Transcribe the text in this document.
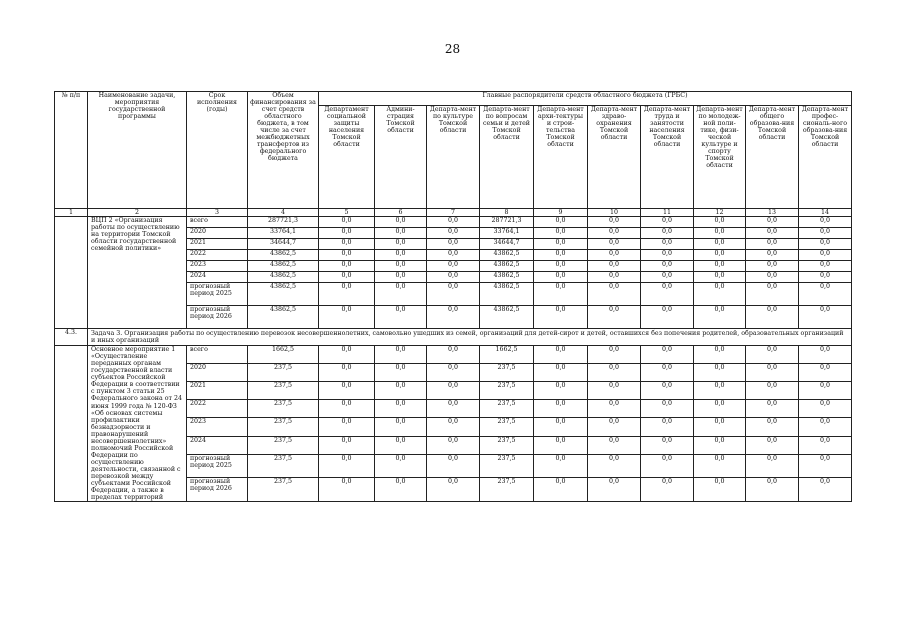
28
№ п/п	Наименование задачи, мероприятия государственной программы	Срок исполнения (годы)	Объем финансирования за счет средств областного бюджета, в том числе за счет межбюджетных трансфертов из федерального бюджета	Главные распорядители средств областного бюджета (ГРБС)									
				Департамент социальной защиты населения Томской области	Админи-страция Томской области	Департа-мент по культуре Томской области	Департа-мент по вопросам семьи и детей Томской области	Департа-мент архи-тектуры и строи-тельства Томской области	Департа-мент здраво-охранения Томской области	Департа-мент труда и занятости населения Томской области	Департа-мент по молодеж-ной поли-тике, физи-ческой культуре и спорту Томской области	Департа-мент общего образова-ния Томской области	Департа-мент профес-сиональ-ного образова-ния Томской области
1	2	3	4	5	6	7	8	9	10	11	12	13	14
	ВЦП 2 «Организация работы по осуществлению на территории Томской области государственной семейной политики»	всего	287721,3	0,0	0,0	0,0	287721,3	0,0	0,0	0,0	0,0	0,0	0,0
		2020	33764,1	0,0	0,0	0,0	33764,1	0,0	0,0	0,0	0,0	0,0	0,0
		2021	34644,7	0,0	0,0	0,0	34644,7	0,0	0,0	0,0	0,0	0,0	0,0
		2022	43862,5	0,0	0,0	0,0	43862,5	0,0	0,0	0,0	0,0	0,0	0,0
		2023	43862,5	0,0	0,0	0,0	43862,5	0,0	0,0	0,0	0,0	0,0	0,0
		2024	43862,5	0,0	0,0	0,0	43862,5	0,0	0,0	0,0	0,0	0,0	0,0
		прогнозный период 2025	43862,5	0,0	0,0	0,0	43862,5	0,0	0,0	0,0	0,0	0,0	0,0
		прогнозный период 2026	43862,5	0,0	0,0	0,0	43862,5	0,0	0,0	0,0	0,0	0,0	0,0
4.3.	Задача 3. Организация работы по осуществлению перевозок несовершеннолетних, самовольно ушедших из семей, организаций для детей-сирот и детей, оставшихся без попечения родителей, образовательных организаций и иных организаций												
	Основное мероприятие 1 «Осуществление переданных органам государственной власти субъектов Российской Федерации в соответствии с пунктом 3 статьи 25 Федерального закона от 24 июня 1999 года № 120-ФЗ «Об основах системы профилактики безнадзорности и правонарушений несовершеннолетних» полномочий Российской Федерации по осуществлению деятельности, связанной с перевозкой между субъектами Российской Федерации, а также в пределах территорий	всего	1662,5	0,0	0,0	0,0	1662,5	0,0	0,0	0,0	0,0	0,0	0,0
		2020	237,5	0,0	0,0	0,0	237,5	0,0	0,0	0,0	0,0	0,0	0,0
		2021	237,5	0,0	0,0	0,0	237,5	0,0	0,0	0,0	0,0	0,0	0,0
		2022	237,5	0,0	0,0	0,0	237,5	0,0	0,0	0,0	0,0	0,0	0,0
		2023	237,5	0,0	0,0	0,0	237,5	0,0	0,0	0,0	0,0	0,0	0,0
		2024	237,5	0,0	0,0	0,0	237,5	0,0	0,0	0,0	0,0	0,0	0,0
		прогнозный период 2025	237,5	0,0	0,0	0,0	237,5	0,0	0,0	0,0	0,0	0,0	0,0
		прогнозный период 2026	237,5	0,0	0,0	0,0	237,5	0,0	0,0	0,0	0,0	0,0	0,0
